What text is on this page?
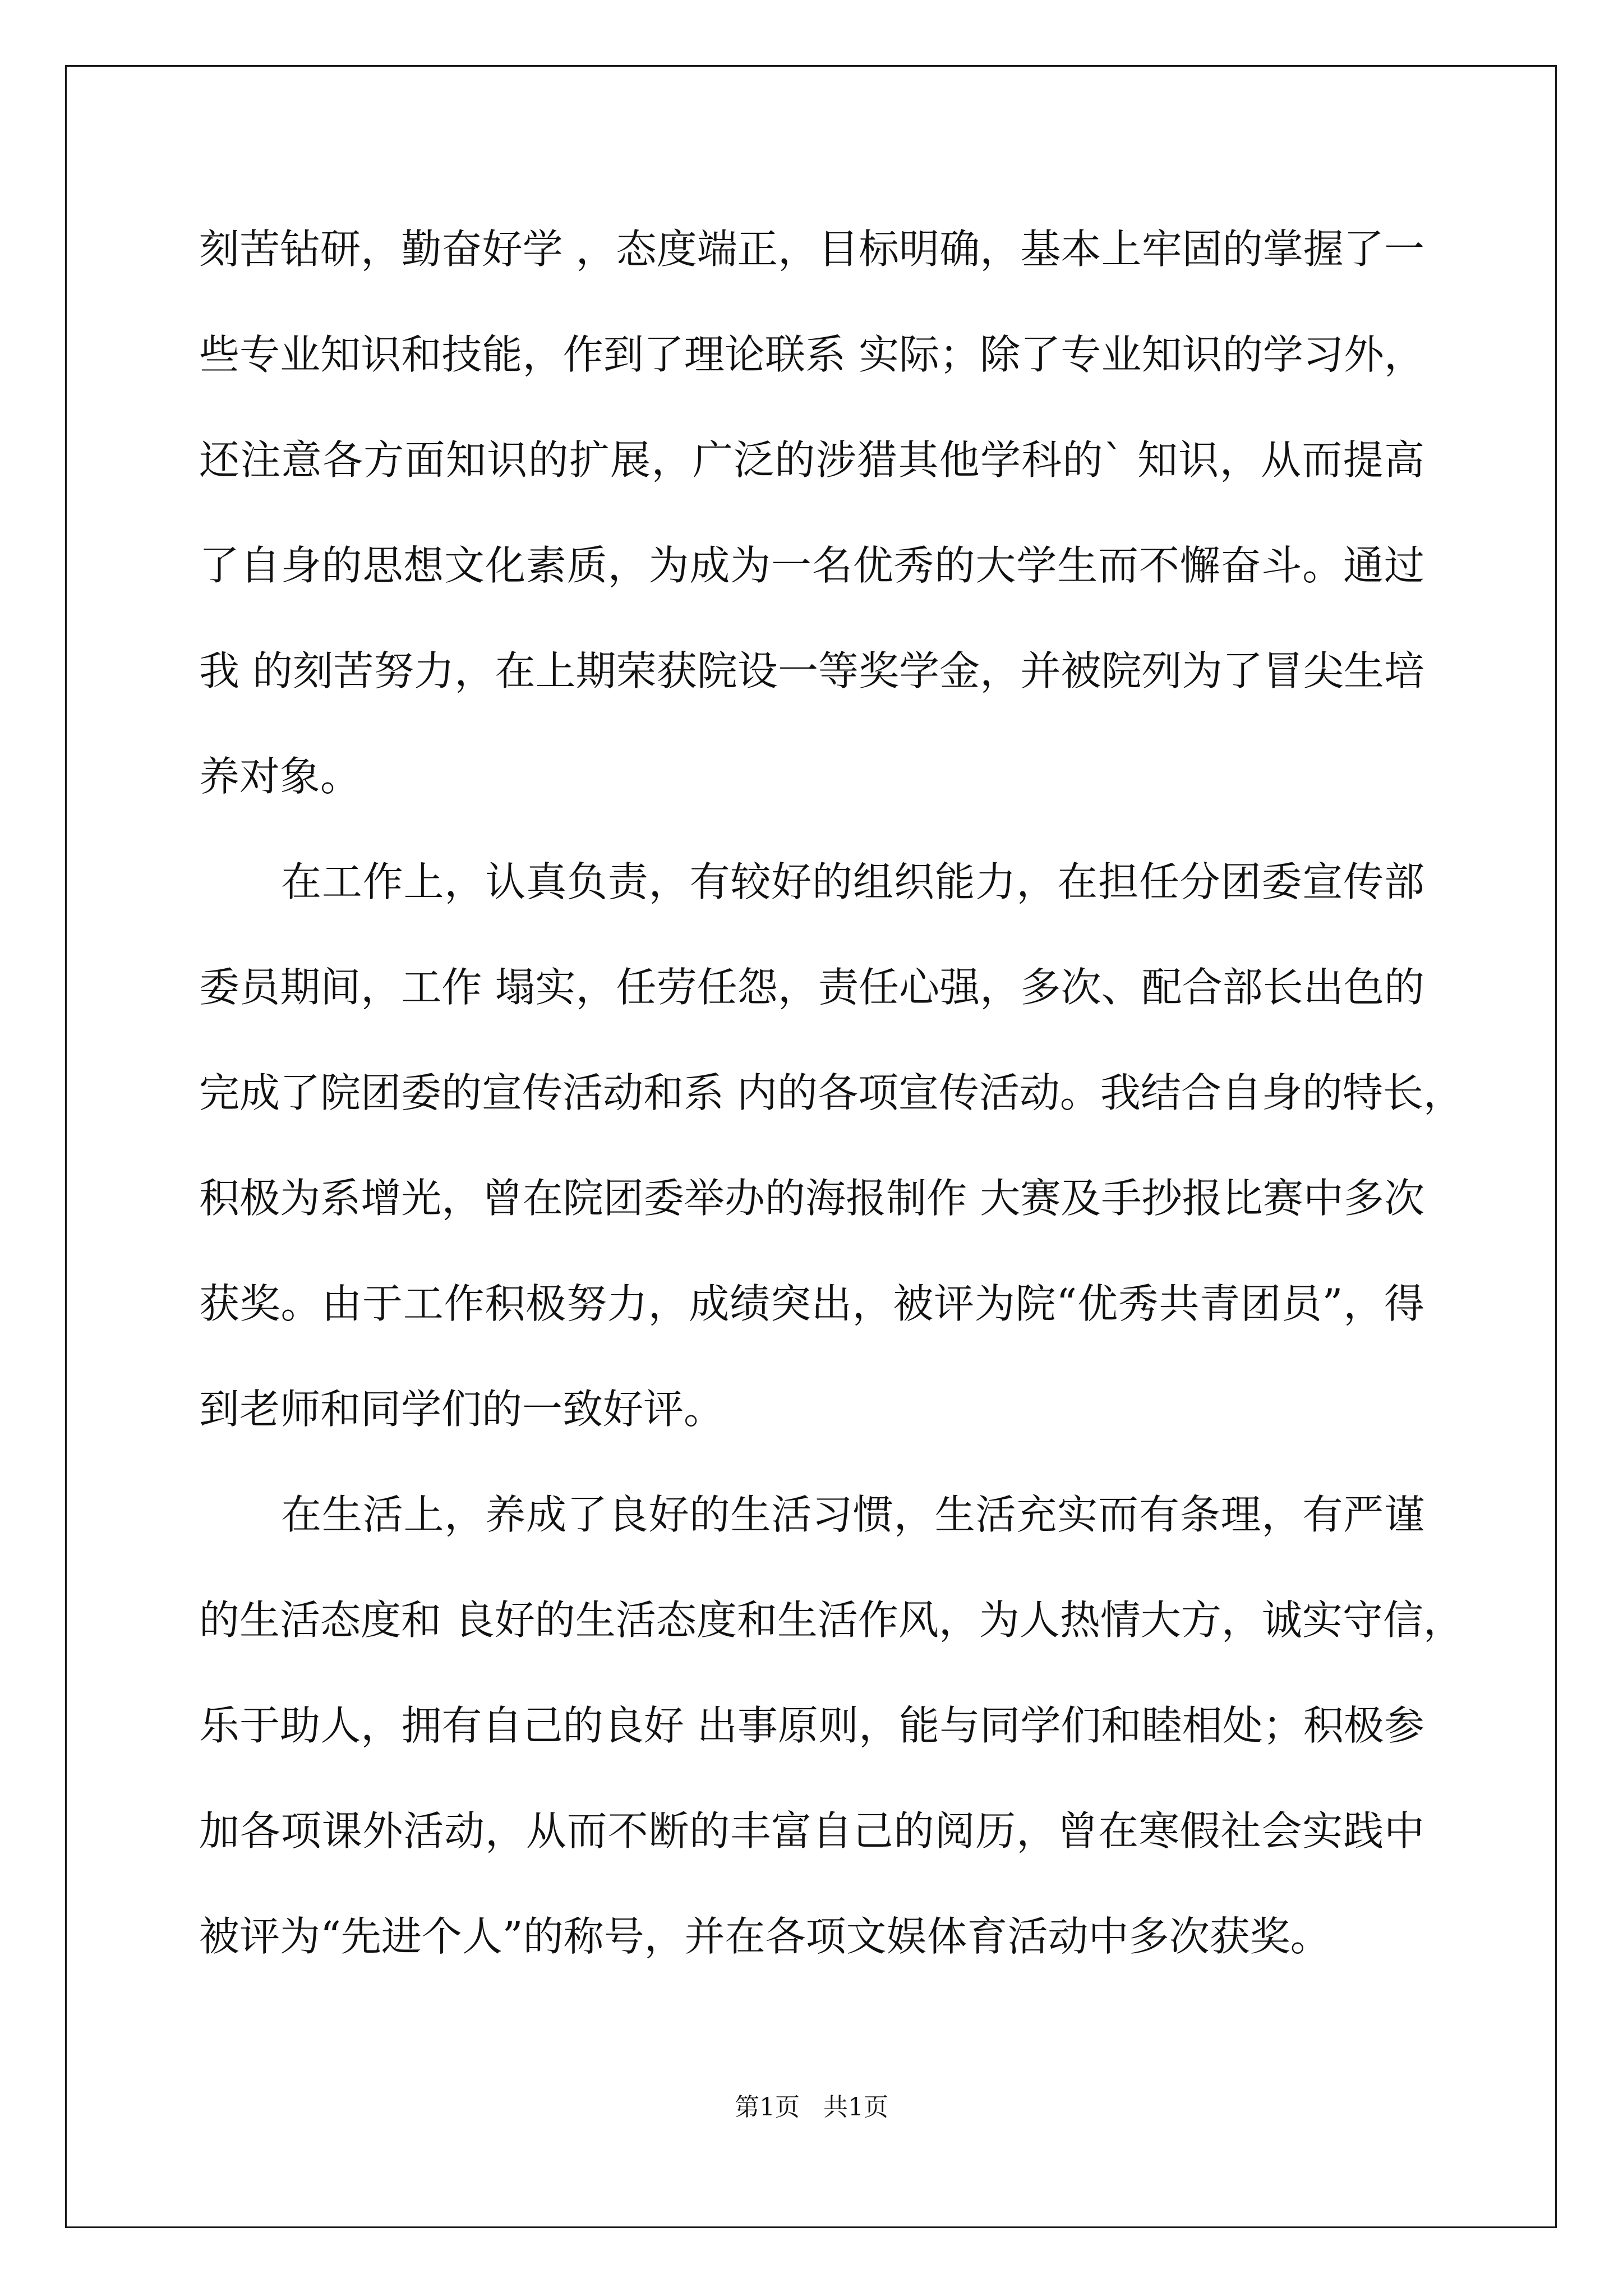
刻苦钻研，勤奋好学 ，态度端正，目标明确，基本上牢固的掌握了一
些专业知识和技能，作到了理论联系 实际；除了专业知识的学习外，
还注意各方面知识的扩展，广泛的涉猎其他学科的` 知识，从而提高
了自身的思想文化素质，为成为一名优秀的大学生而不懈奋斗。通过
我 的刻苦努力，在上期荣获院设一等奖学金，并被院列为了冒尖生培
养对象。
在工作上，认真负责，有较好的组织能力，在担任分团委宣传部
委员期间，工作 塌实，任劳任怨，责任心强，多次、配合部长出色的
完成了院团委的宣传活动和系 内的各项宣传活动。我结合自身的特长，
积极为系增光，曾在院团委举办的海报制作 大赛及手抄报比赛中多次
获奖。由于工作积极努力，成绩突出，被评为院“优秀共青团员”，得
到老师和同学们的一致好评。
在生活上，养成了良好的生活习惯，生活充实而有条理，有严谨
的生活态度和 良好的生活态度和生活作风，为人热情大方，诚实守信，
乐于助人，拥有自己的良好 出事原则，能与同学们和睦相处；积极参
加各项课外活动，从而不断的丰富自己的阅历，曾在寒假社会实践中
被评为“先进个人”的称号，并在各项文娱体育活动中多次获奖。
第1页   共1页
